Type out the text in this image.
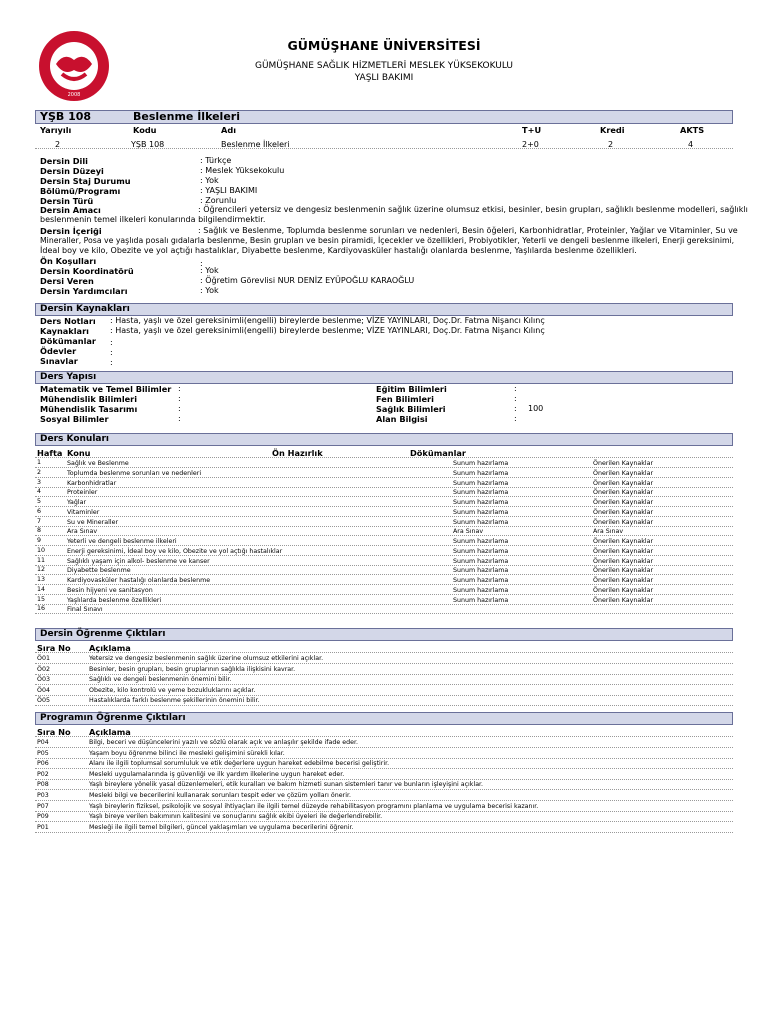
2008
GÜMÜŞHANE ÜNİVERSİTESİ
GÜMÜŞHANE SAĞLIK HİZMETLERİ MESLEK YÜKSEKOKULU
YAŞLI BAKIMI
YŞB 108	Beslenme İlkeleri
Yarıyılı	Kodu	Adı	T+U	Kredi	AKTS
2	YŞB 108	Beslenme İlkeleri	2+0	2	4
Dersin Dili	: Türkçe
Dersin Düzeyi	: Meslek Yüksekokulu
Dersin Staj Durumu	: Yok
Bölümü/Programı	: YAŞLI BAKIMI
Dersin Türü	: Zorunlu
Dersin Amacı	: Öğrencileri yetersiz ve dengesiz beslenmenin sağlık üzerine olumsuz etkisi, besinler, besin grupları, sağlıklı beslenme modelleri, sağlıklı
beslenmenin temel ilkeleri konularında bilgilendirmektir.
Dersin İçeriği	: Sağlık ve Beslenme, Toplumda beslenme sorunları ve nedenleri, Besin öğeleri, Karbonhidratlar, Proteinler, Yağlar ve Vitaminler, Su ve
Mineraller, Posa ve yaşlıda posalı gıdalarla beslenme, Besin grupları ve besin piramidi, İçecekler ve özellikleri, Probiyotikler, Yeterli ve dengeli beslenme ilkeleri, Enerji gereksinimi,
İdeal boy ve kilo, Obezite ve yol açtığı hastalıklar, Diyabette beslenme, Kardiyovasküler hastalığı olanlarda beslenme, Yaşlılarda beslenme özellikleri.
Ön Koşulları	:
Dersin Koordinatörü	: Yok
Dersi Veren	: Öğretim Görevlisi NUR DENİZ EYÜPOĞLU KARAOĞLU
Dersin Yardımcıları	: Yok
Dersin Kaynakları
Ders Notları : Hasta, yaşlı ve özel gereksinimli(engelli) bireylerde beslenme; VİZE YAYINLARI, Doç.Dr. Fatma Nişancı Kılınç
Kaynakları	: Hasta, yaşlı ve özel gereksinimli(engelli) bireylerde beslenme; VİZE YAYINLARI, Doç.Dr. Fatma Nişancı Kılınç
Dökümanlar :
Ödevler	:
Sınavlar	:
Ders Yapısı
Matematik ve Temel Bilimler :
Mühendislik Bilimleri	:
Mühendislik Tasarımı	:
Sosyal Bilimler	:
Eğitim Bilimleri	:
Fen Bilimleri	:
Sağlık Bilimleri	: 100
Alan Bilgisi	:
Ders Konuları
Hafta Konu	Ön Hazırlık	Dökümanlar
1	Sağlık ve Beslenme	Sunum hazırlama	Önerilen Kaynaklar
2	Toplumda beslenme sorunları ve nedenleri	Sunum hazırlama	Önerilen Kaynaklar
3	Karbonhidratlar	Sunum hazırlama	Önerilen Kaynaklar
4	Proteinler	Sunum hazırlama	Önerilen Kaynaklar
5	Yağlar	Sunum hazırlama	Önerilen Kaynaklar
6	Vitaminler	Sunum hazırlama	Önerilen Kaynaklar
7	Su ve Mineraller	Sunum hazırlama	Önerilen Kaynaklar
8	Ara Sınav	Ara Sınav	Ara Sınav
9	Yeterli ve dengeli beslenme ilkeleri	Sunum hazırlama	Önerilen Kaynaklar
10	Enerji gereksinimi, İdeal boy ve kilo, Obezite ve yol açtığı hastalıklar	Sunum hazırlama	Önerilen Kaynaklar
11	Sağlıklı yaşam için alkol- beslenme ve kanser	Sunum hazırlama	Önerilen Kaynaklar
12	Diyabette beslenme	Sunum hazırlama	Önerilen Kaynaklar
13	Kardiyovasküler hastalığı olanlarda beslenme	Sunum hazırlama	Önerilen Kaynaklar
14	Besin hijyeni ve sanitasyon	Sunum hazırlama	Önerilen Kaynaklar
15	Yaşlılarda beslenme özellikleri	Sunum hazırlama	Önerilen Kaynaklar
16	Final Sınavı
Dersin Öğrenme Çıktıları
Sıra No Açıklama
Ö01	Yetersiz ve dengesiz beslenmenin sağlık üzerine olumsuz etkilerini açıklar.
Ö02	Besinler, besin grupları, besin gruplarının sağlıkla ilişkisini kavrar.
Ö03	Sağlıklı ve dengeli beslenmenin önemini bilir.
Ö04	Obezite, kilo kontrolü ve yeme bozukluklarını açıklar.
Ö05	Hastalıklarda farklı beslenme şekillerinin önemini bilir.
Programın Öğrenme Çıktıları
Sıra No Açıklama
P04	Bilgi, beceri ve düşüncelerini yazılı ve sözlü olarak açık ve anlaşılır şekilde ifade eder.
P05	Yaşam boyu öğrenme bilinci ile mesleki gelişimini sürekli kılar.
P06	Alanı ile ilgili toplumsal sorumluluk ve etik değerlere uygun hareket edebilme becerisi geliştirir.
P02	Mesleki uygulamalarında iş güvenliği ve ilk yardım ilkelerine uygun hareket eder.
P08	Yaşlı bireylere yönelik yasal düzenlemeleri, etik kuralları ve bakım hizmeti sunan sistemleri tanır ve bunların işleyişini açıklar.
P03	Mesleki bilgi ve becerilerini kullanarak sorunları tespit eder ve çözüm yolları önerir.
P07	Yaşlı bireylerin fiziksel, psikolojik ve sosyal ihtiyaçları ile ilgili temel düzeyde rehabilitasyon programını planlama ve uygulama becerisi kazanır.
P09	Yaşlı bireye verilen bakımının kalitesini ve sonuçlarını sağlık ekibi üyeleri ile değerlendirebilir.
P01	Mesleği ile ilgili temel bilgileri, güncel yaklaşımları ve uygulama becerilerini öğrenir.
